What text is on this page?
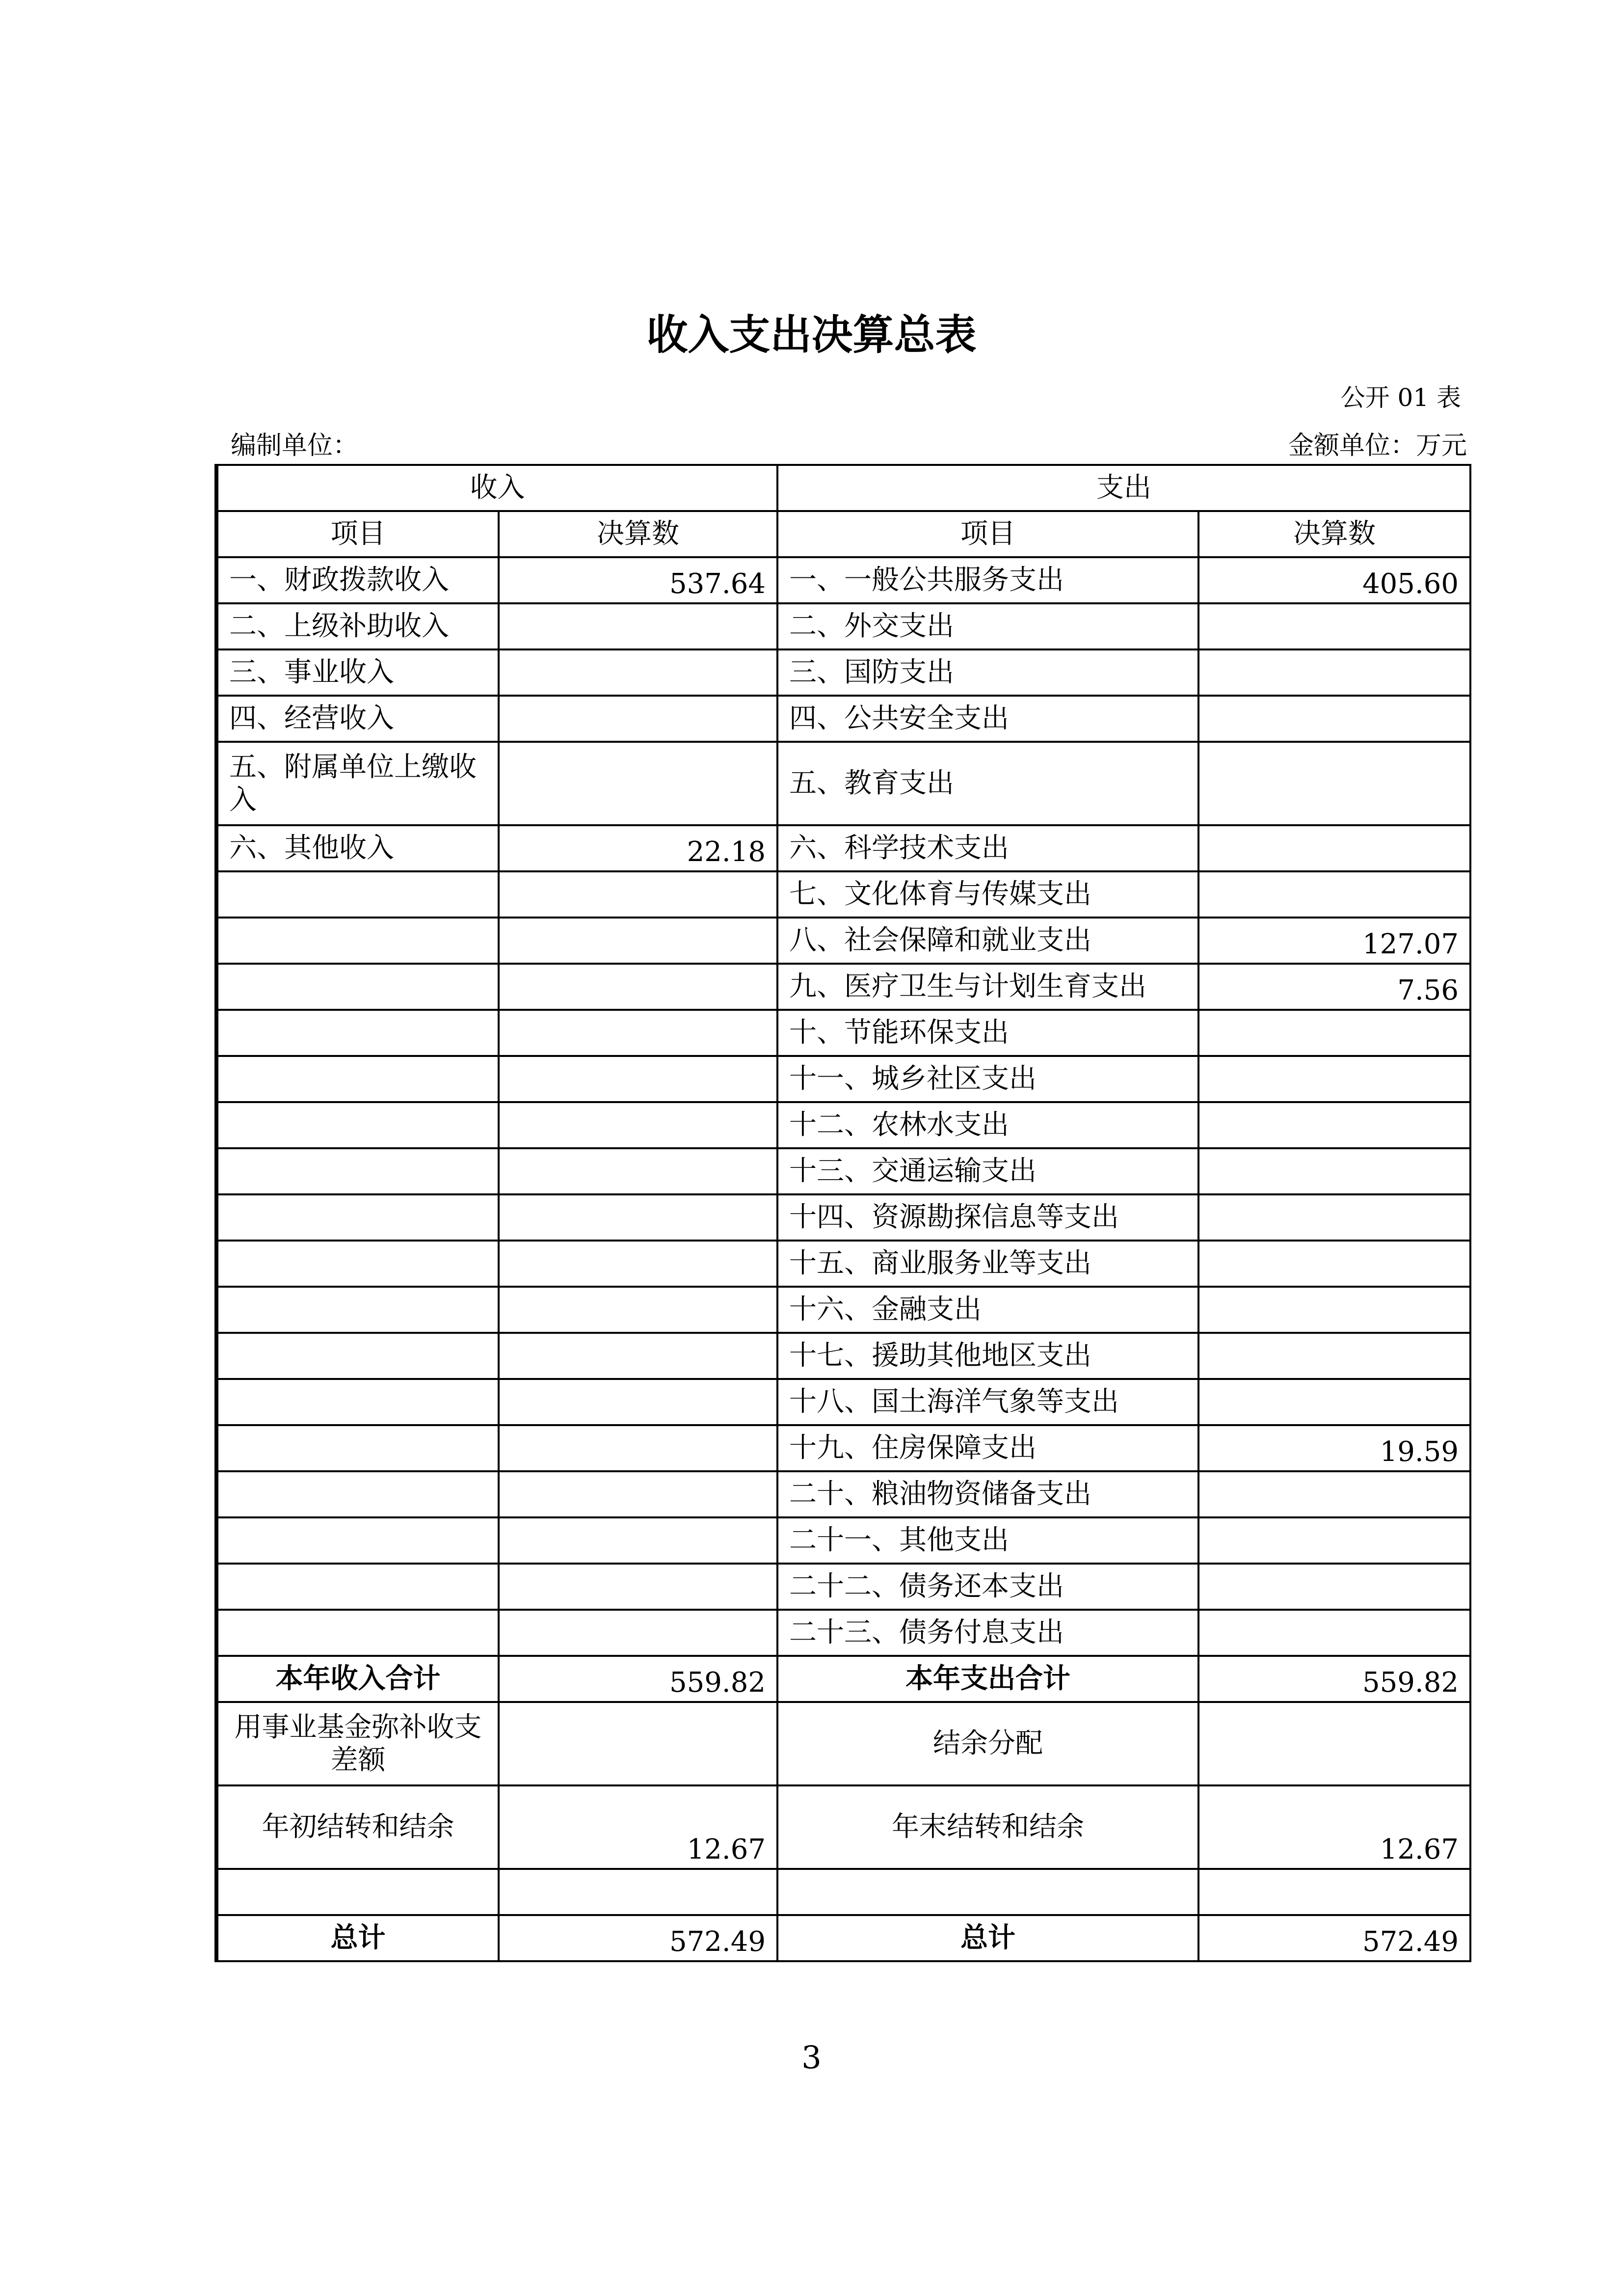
收入支出决算总表
公开 01 表
编制单位：	金额单位：万元
收入		支出	
项目	决算数	项目	决算数
一、财政拨款收入	537.64	一、一般公共服务支出	405.60
二、上级补助收入		二、外交支出	
三、事业收入		三、国防支出	
四、经营收入		四、公共安全支出	
五、附属单位上缴收入		五、教育支出	
六、其他收入	22.18	六、科学技术支出	
		七、文化体育与传媒支出	
		八、社会保障和就业支出	127.07
		九、医疗卫生与计划生育支出	7.56
		十、节能环保支出	
		十一、城乡社区支出	
		十二、农林水支出	
		十三、交通运输支出	
		十四、资源勘探信息等支出	
		十五、商业服务业等支出	
		十六、金融支出	
		十七、援助其他地区支出	
		十八、国土海洋气象等支出	
		十九、住房保障支出	19.59
		二十、粮油物资储备支出	
		二十一、其他支出	
		二十二、债务还本支出	
		二十三、债务付息支出	
本年收入合计	559.82	本年支出合计	559.82
用事业基金弥补收支差额		结余分配	
年初结转和结余	12.67	年末结转和结余	12.67

总计	572.49	总计	572.49
3
